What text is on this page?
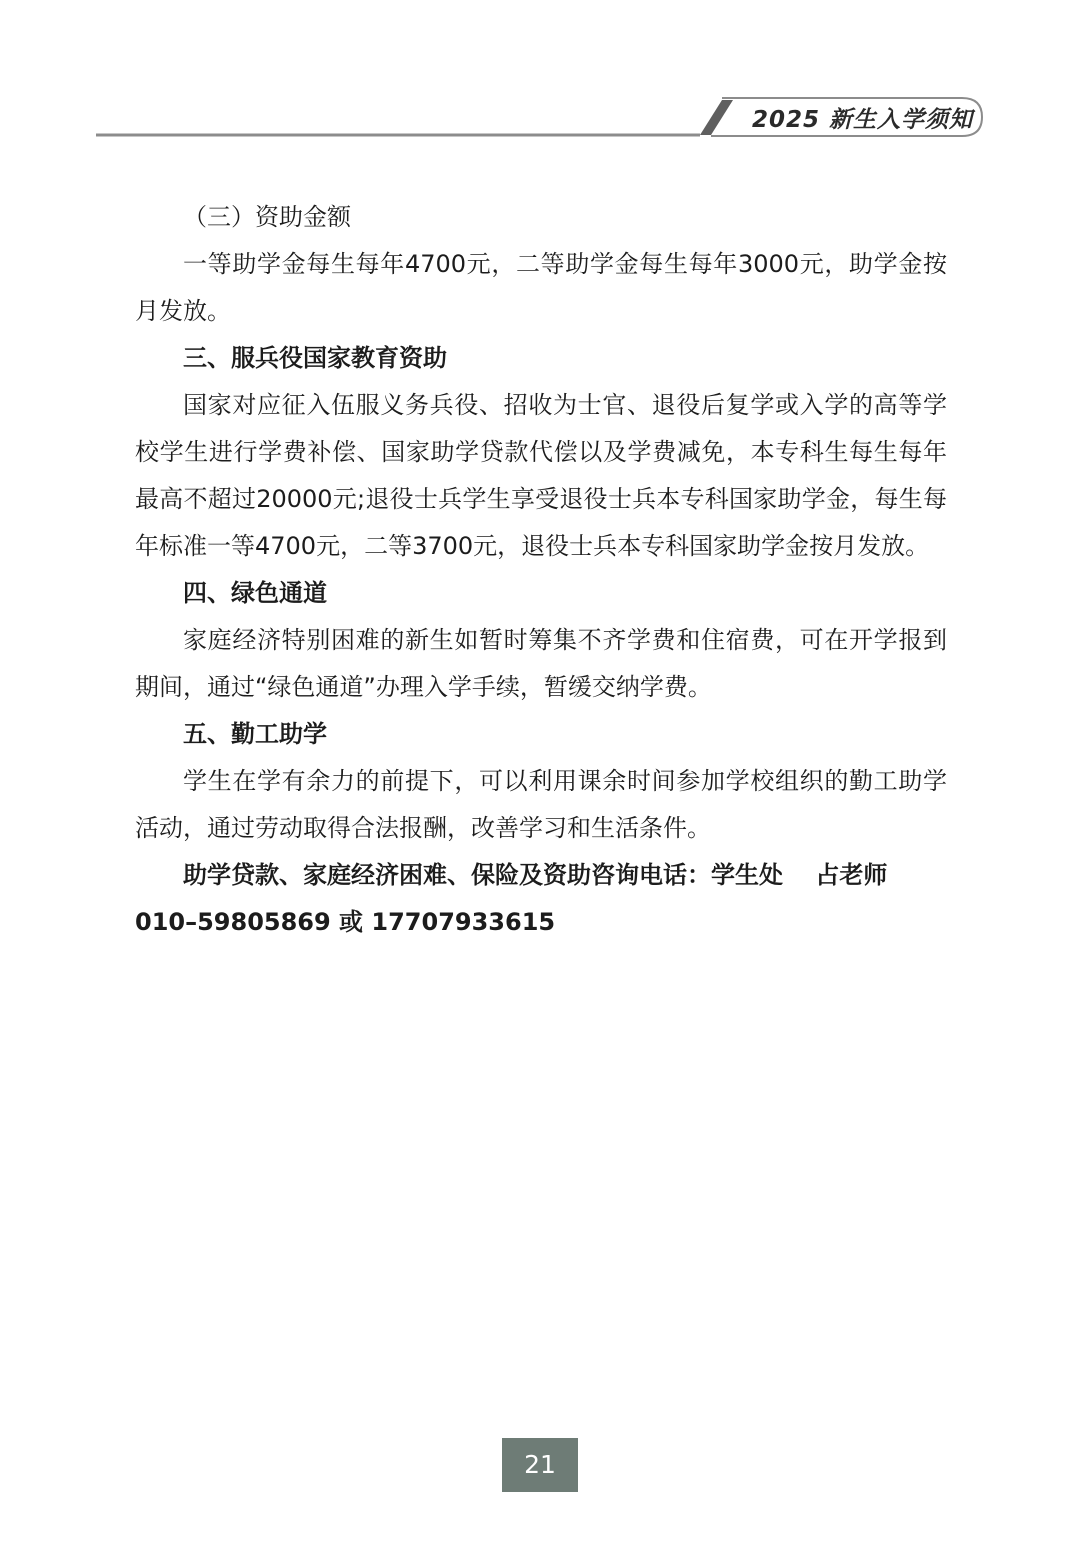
2025 新生入学须知

（三）资助金额

一等助学金每生每年4700元，二等助学金每生每年3000元，助学金按月发放。

三、服兵役国家教育资助

国家对应征入伍服义务兵役、招收为士官、退役后复学或入学的高等学校学生进行学费补偿、国家助学贷款代偿以及学费减免，本专科生每生每年最高不超过20000元;退役士兵学生享受退役士兵本专科国家助学金，每生每年标准一等4700元，二等3700元，退役士兵本专科国家助学金按月发放。

四、绿色通道

家庭经济特别困难的新生如暂时筹集不齐学费和住宿费，可在开学报到期间，通过“绿色通道”办理入学手续，暂缓交纳学费。

五、勤工助学

学生在学有余力的前提下，可以利用课余时间参加学校组织的勤工助学活动，通过劳动取得合法报酬，改善学习和生活条件。

助学贷款、家庭经济困难、保险及资助咨询电话：学生处　 占老师

010–59805869 或 17707933615

21
